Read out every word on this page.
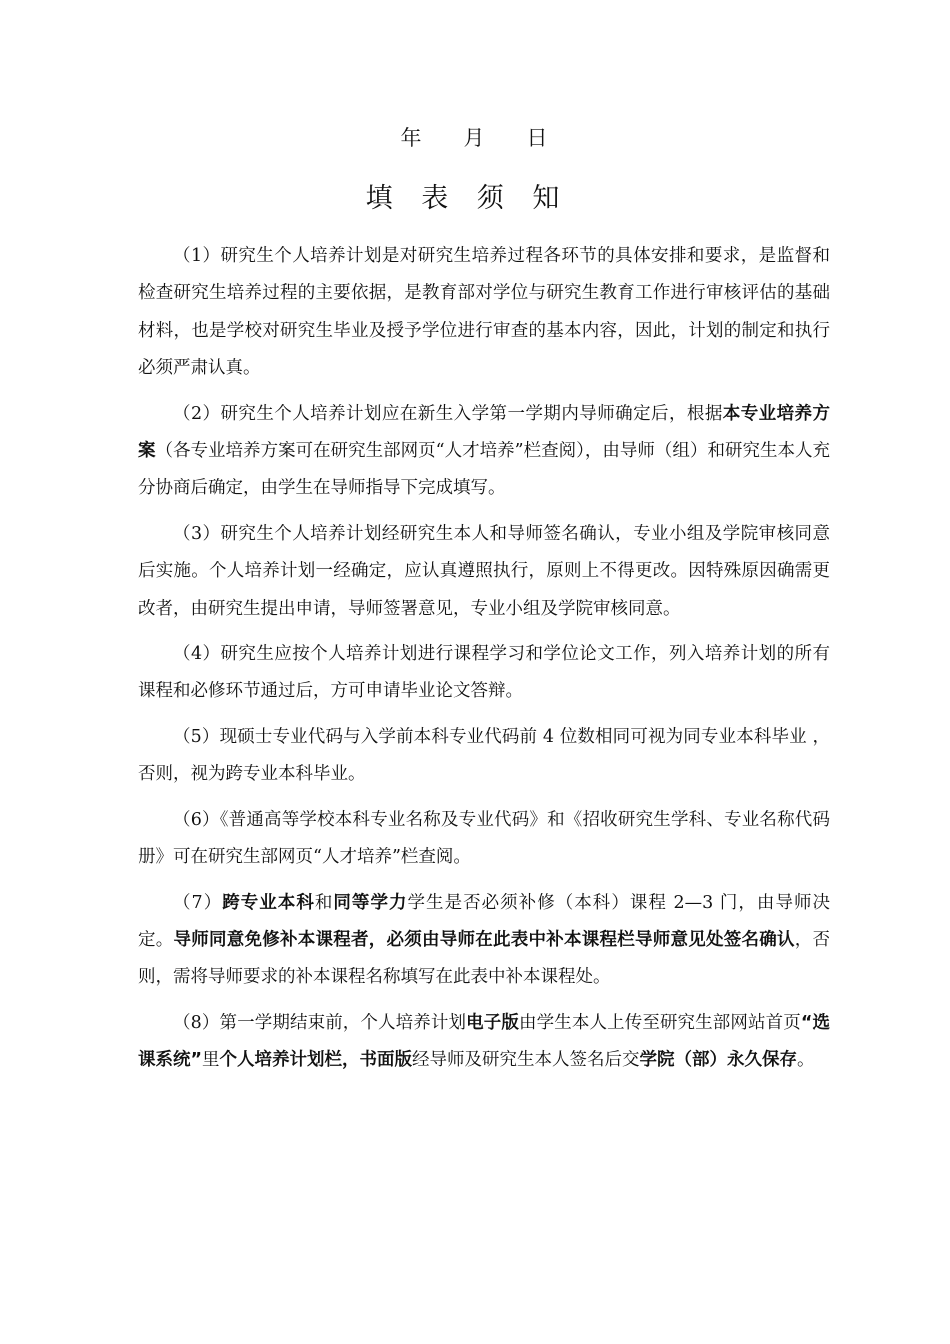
年 月 日
填 表 须 知

（1）研究生个人培养计划是对研究生培养过程各环节的具体安排和要求，是监督和检查研究生培养过程的主要依据，是教育部对学位与研究生教育工作进行审核评估的基础材料，也是学校对研究生毕业及授予学位进行审查的基本内容，因此，计划的制定和执行必须严肃认真。

（2）研究生个人培养计划应在新生入学第一学期内导师确定后，根据本专业培养方案（各专业培养方案可在研究生部网页“人才培养”栏查阅），由导师（组）和研究生本人充分协商后确定，由学生在导师指导下完成填写。

（3）研究生个人培养计划经研究生本人和导师签名确认，专业小组及学院审核同意后实施。个人培养计划一经确定，应认真遵照执行，原则上不得更改。因特殊原因确需更改者，由研究生提出申请，导师签署意见，专业小组及学院审核同意。

（4）研究生应按个人培养计划进行课程学习和学位论文工作，列入培养计划的所有课程和必修环节通过后，方可申请毕业论文答辩。

（5）现硕士专业代码与入学前本科专业代码前 4 位数相同可视为同专业本科毕业 ，否则，视为跨专业本科毕业。

（6）《普通高等学校本科专业名称及专业代码》和《招收研究生学科、专业名称代码册》可在研究生部网页“人才培养”栏查阅。

（7）跨专业本科和同等学力学生是否必须补修（本科）课程 2—3 门，由导师决定。导师同意免修补本课程者，必须由导师在此表中补本课程栏导师意见处签名确认，否则，需将导师要求的补本课程名称填写在此表中补本课程处。

（8）第一学期结束前，个人培养计划电子版由学生本人上传至研究生部网站首页“选课系统”里个人培养计划栏，书面版经导师及研究生本人签名后交学院（部）永久保存。
